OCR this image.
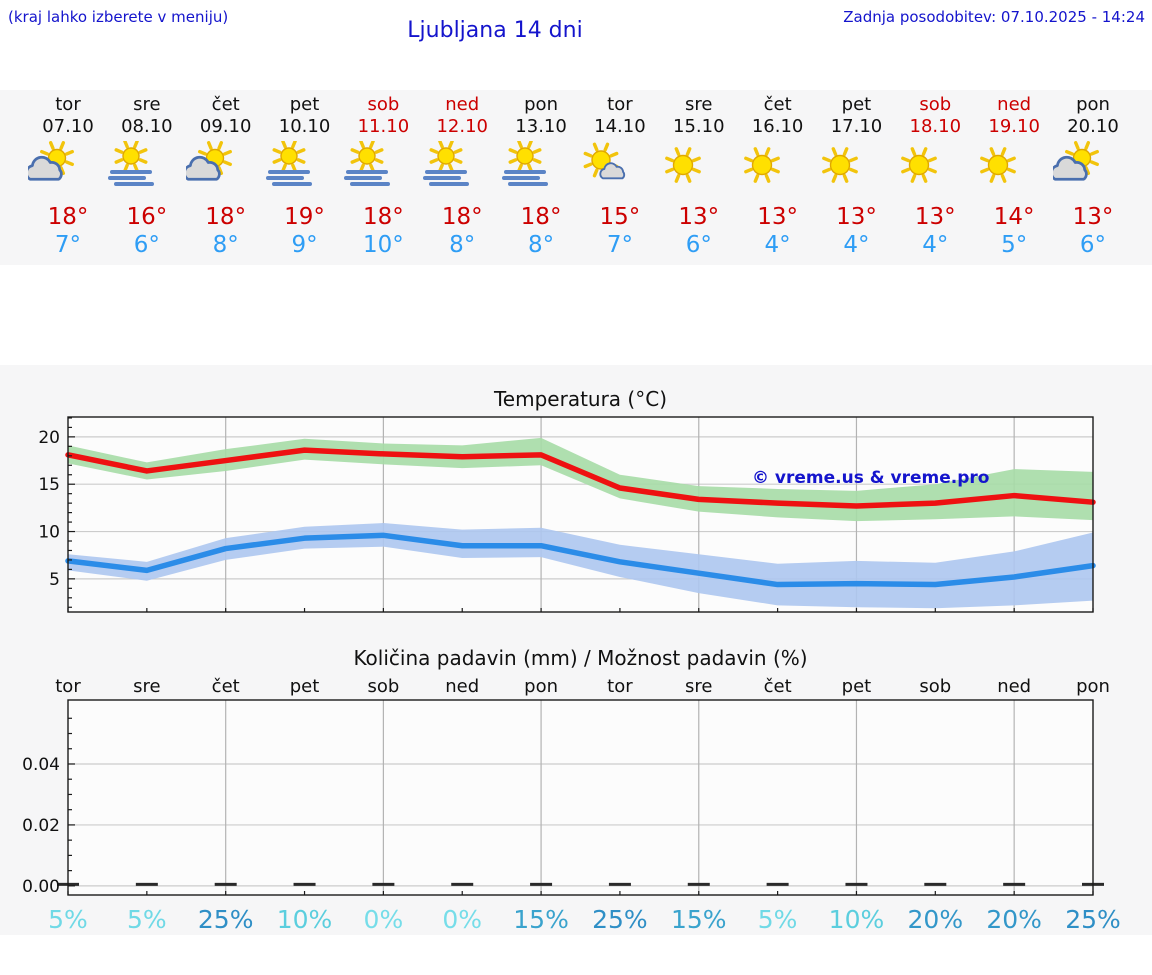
(kraj lahko izberete v meniju)
Ljubljana 14 dni
Zadnja posodobitev: 07.10.2025 - 14:24
tor
07.10
18°
7°
sre
08.10
16°
6°
čet
09.10
18°
8°
pet
10.10
19°
9°
sob
11.10
18°
10°
ned
12.10
18°
8°
pon
13.10
18°
8°
tor
14.10
15°
7°
sre
15.10
13°
6°
čet
16.10
13°
4°
pet
17.10
13°
4°
sob
18.10
13°
4°
ned
19.10
14°
5°
pon
20.10
13°
6°
Temperatura (°C)
5
10
15
20
© vreme.us & vreme.pro
Količina padavin (mm) / Možnost padavin (%)
tor	sre	čet	pet	sob	ned pon	tor	sre	čet	pet	sob	ned pon
0.00
0.02
0.04
5% 5% 25% 10% 0% 0% 15% 25% 15% 5% 10% 20% 20% 25%
